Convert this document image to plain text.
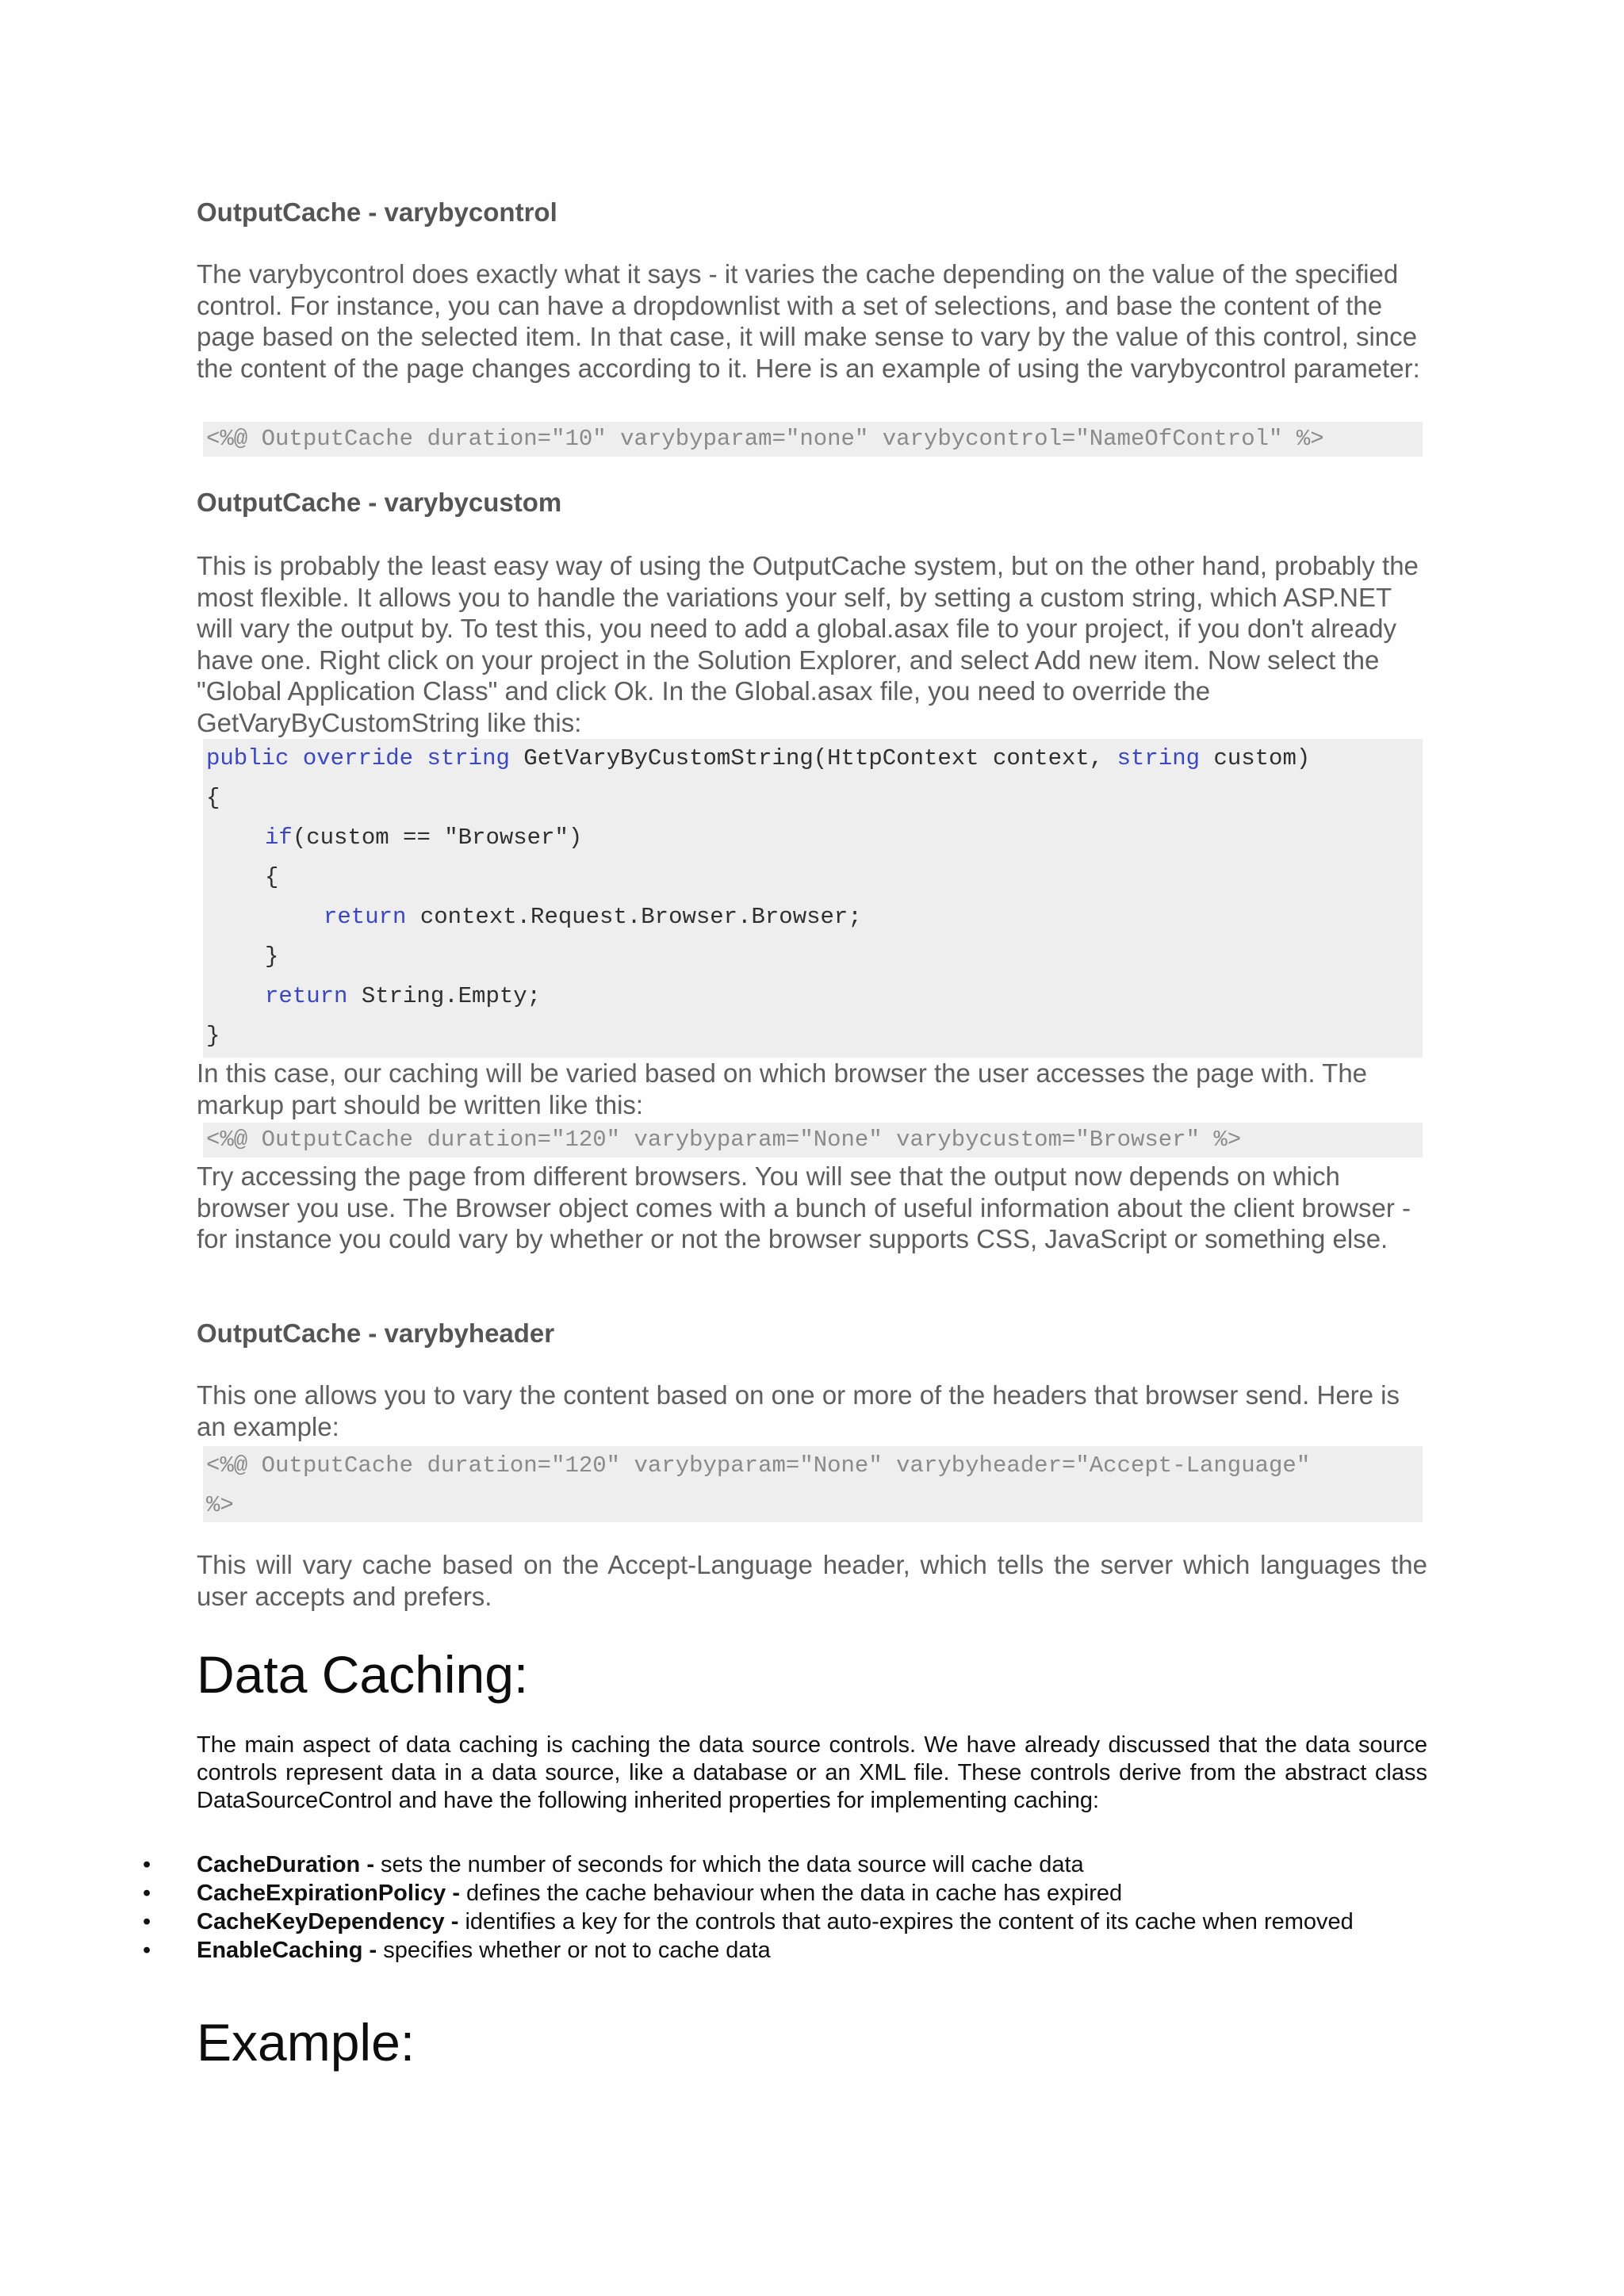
OutputCache - varybycontrol
The varybycontrol does exactly what it says - it varies the cache depending on the value of the specified control. For instance, you can have a dropdownlist with a set of selections, and base the content of the page based on the selected item. In that case, it will make sense to vary by the value of this control, since the content of the page changes according to it. Here is an example of using the varybycontrol parameter:
<%@ OutputCache duration="10" varybyparam="none" varybycontrol="NameOfControl" %>
OutputCache - varybycustom
This is probably the least easy way of using the OutputCache system, but on the other hand, probably the most flexible. It allows you to handle the variations your self, by setting a custom string, which ASP.NET will vary the output by. To test this, you need to add a global.asax file to your project, if you don't already have one. Right click on your project in the Solution Explorer, and select Add new item. Now select the "Global Application Class" and click Ok. In the Global.asax file, you need to override the GetVaryByCustomString like this:
public override string GetVaryByCustomString(HttpContext context, string custom)
{
if(custom == "Browser")
{
return context.Request.Browser.Browser;
}
return String.Empty;
}
In this case, our caching will be varied based on which browser the user accesses the page with. The markup part should be written like this:
<%@ OutputCache duration="120" varybyparam="None" varybycustom="Browser" %>
Try accessing the page from different browsers. You will see that the output now depends on which browser you use. The Browser object comes with a bunch of useful information about the client browser - for instance you could vary by whether or not the browser supports CSS, JavaScript or something else.
OutputCache - varybyheader
This one allows you to vary the content based on one or more of the headers that browser send. Here is an example:
<%@ OutputCache duration="120" varybyparam="None" varybyheader="Accept-Language"
%>
This will vary cache based on the Accept-Language header, which tells the server which languages the user accepts and prefers.
Data Caching:
The main aspect of data caching is caching the data source controls. We have already discussed that the data source controls represent data in a data source, like a database or an XML file. These controls derive from the abstract class DataSourceControl and have the following inherited properties for implementing caching:
• CacheDuration - sets the number of seconds for which the data source will cache data
• CacheExpirationPolicy - defines the cache behaviour when the data in cache has expired
• CacheKeyDependency - identifies a key for the controls that auto-expires the content of its cache when removed
• EnableCaching - specifies whether or not to cache data
Example:
